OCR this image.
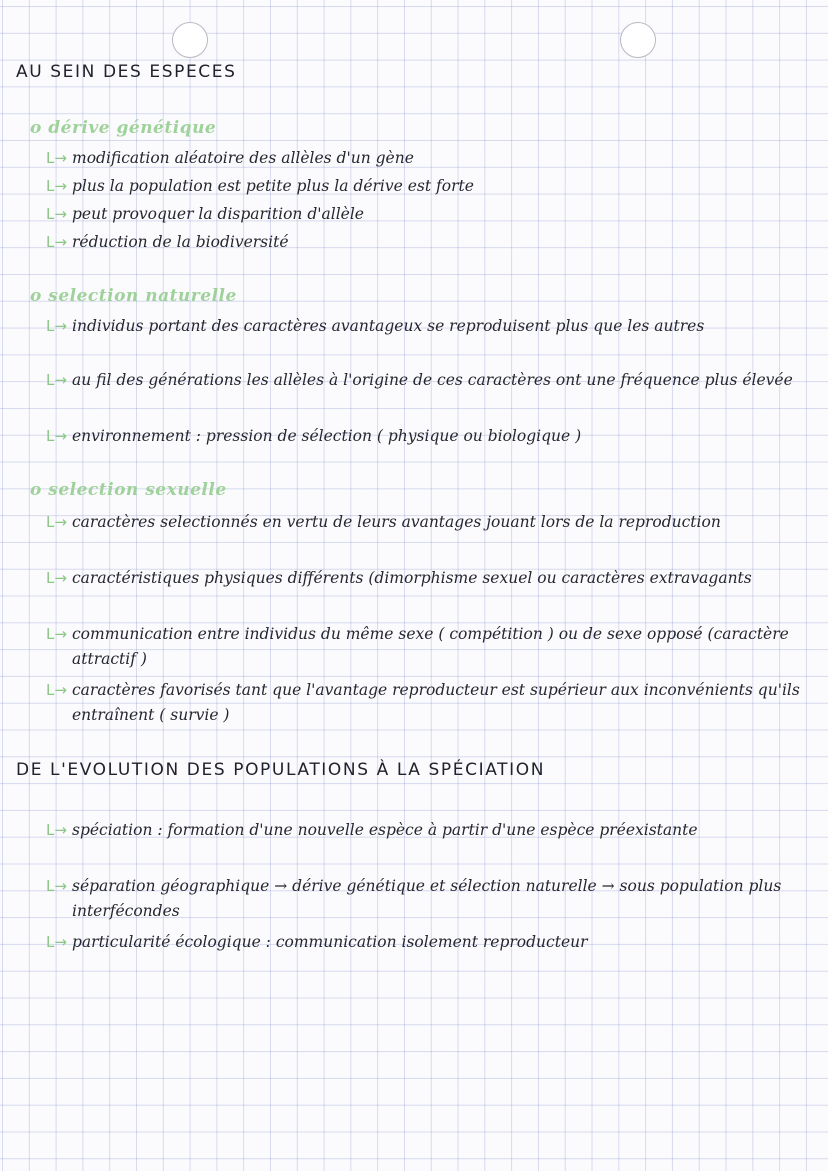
AU SEIN DES ESPECES
o dérive génétique
L→ modification aléatoire des allèles d'un gène
L→ plus la population est petite plus la dérive est forte
L→ peut provoquer la disparition d'allèle
L→ réduction de la biodiversité
o selection naturelle
L→ individus portant des caractères avantageux se reproduisent plus que les autres
L→ au fil des générations les allèles à l'origine de ces caractères ont une fréquence plus élevée
L→ environnement : pression de sélection ( physique ou biologique )
o selection sexuelle
L→ caractères selectionnés en vertu de leurs avantages jouant lors de la reproduction
L→ caractéristiques physiques différents (dimorphisme sexuel ou caractères extravagants
L→ communication entre individus du même sexe ( compétition ) ou de sexe opposé (caractère attractif )
L→ caractères favorisés tant que l'avantage reproducteur est supérieur aux inconvénients qu'ils entraînent ( survie )
DE L'EVOLUTION DES POPULATIONS À LA SPÉCIATION
L→ spéciation : formation d'une nouvelle espèce à partir d'une espèce préexistante
L→ séparation géographique → dérive génétique et sélection naturelle → sous population plus interfécondes
L→ particularité écologique : communication isolement reproducteur
